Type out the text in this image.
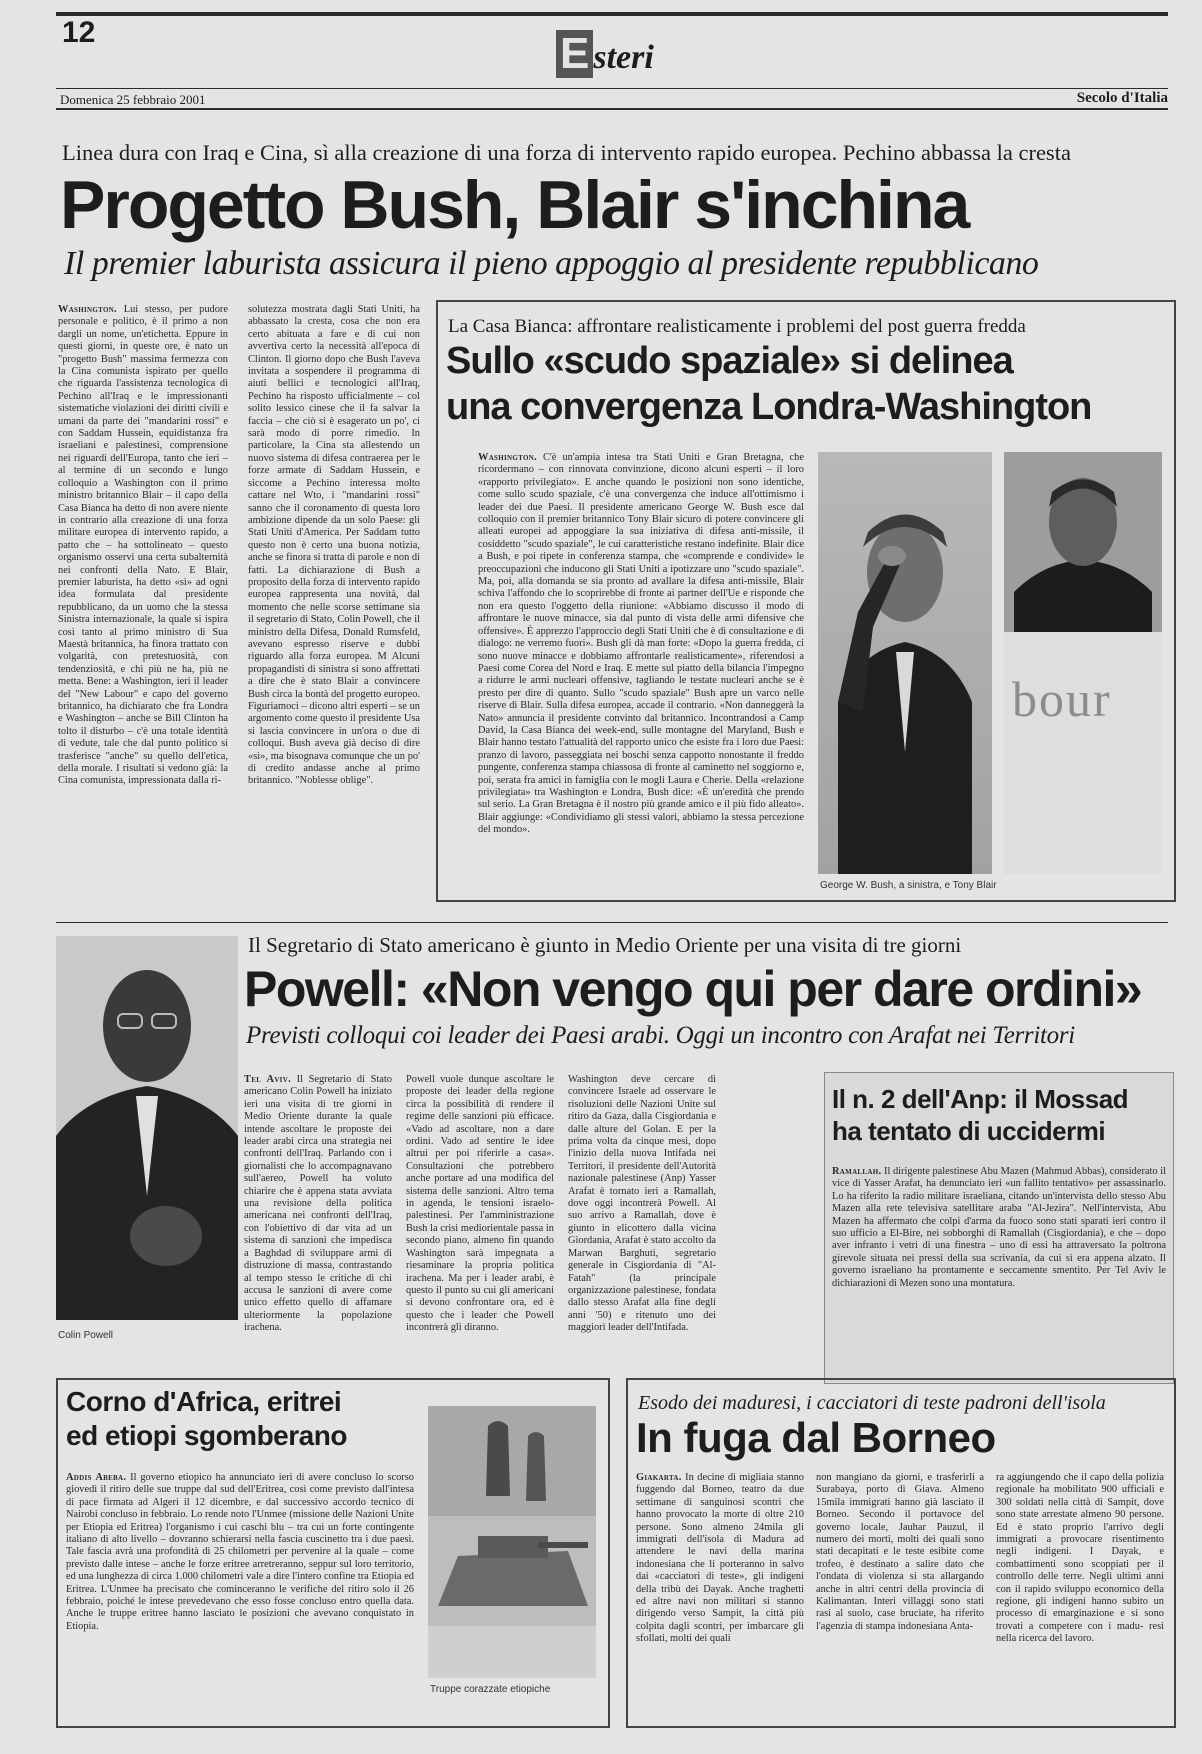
12	E steri
Domenica 25 febbraio 2001	Secolo d'Italia
Linea dura con Iraq e Cina, sì alla creazione di una forza di intervento rapido europea. Pechino abbassa la cresta
Progetto Bush, Blair s'inchina
Il premier laburista assicura il pieno appoggio al presidente repubblicano
Washington. Lui stesso, per pudore personale e politico, è il primo a non dargli un nome, un'etichetta. Eppure in questi giorni, in queste ore, è nato un "progetto Bush" massima fermezza con la Cina comunista ispirato per quello che riguarda l'assistenza tecnologica di Pechino all'Iraq e le impressionanti sistematiche violazioni dei diritti civili e umani da parte dei "mandarini rossi" e con Saddam Hussein, equidistanza fra israeliani e palestinesi, comprensione nei riguardi dell'Europa, tanto che ieri – al termine di un secondo e lungo colloquio a Washington con il primo ministro britannico Blair – il capo della Casa Bianca ha detto di non avere niente in contrario alla creazione di una forza militare europea di intervento rapido, a patto che – ha sottolineato – questo organismo osservi una certa subalternità nei confronti della Nato. E Blair, premier laburista, ha detto «sì» ad ogni idea formulata dal presidente repubblicano, da un uomo che la stessa Sinistra internazionale, la quale si ispira così tanto al primo ministro di Sua Maestà britannica, ha finora trattato con volgarità, con pretestuosità, con tendenziosità, e chi più ne ha, più ne metta. Bene: a Washington, ieri il leader del "New Labour" e capo del governo britannico, ha dichiarato che fra Londra e Washington – anche se Bill Clinton ha tolto il disturbo – c'è una totale identità di vedute, tale che dal punto politico si trasferisce "anche" su quello dell'etica, della morale. I risultati si vedono già: la Cina comunista, impressionata dalla ri-
solutezza mostrata dagli Stati Uniti, ha abbassato la cresta, cosa che non era certo abituata a fare e di cui non avvertiva certo la necessità all'epoca di Clinton. Il giorno dopo che Bush l'aveva invitata a sospendere il programma di aiuti bellici e tecnologici all'Iraq, Pechino ha risposto ufficialmente – col solito lessico cinese che il fa salvar la faccia – che ciò si è esagerato un po', ci sarà modo di porre rimedio. In particolare, la Cina sta allestendo un nuovo sistema di difesa contraerea per le forze armate di Saddam Hussein, e siccome a Pechino interessa molto cattare nel Wto, i "mandarini rossi" sanno che il coronamento di questa loro ambizione dipende da un solo Paese: gli Stati Uniti d'America. Per Saddam tutto questo non è certo una buona notizia, anche se finora si tratta di parole e non di fatti. La dichiarazione di Bush a proposito della forza di intervento rapido europea rappresenta una novità, dal momento che nelle scorse settimane sia il segretario di Stato, Colin Powell, che il ministro della Difesa, Donald Rumsfeld, avevano espresso riserve e dubbi riguardo alla forza europea. M Alcuni propagandisti di sinistra si sono affrettati a dire che è stato Blair a convincere Bush circa la bontà del progetto europeo. Figuriamoci – dicono altri esperti – se un argomento come questo il presidente Usa si lascia convincere in un'ora o due di colloqui. Bush aveva già deciso di dire «sì», ma bisognava comunque che un po' di credito andasse anche al primo britannico. "Noblesse oblige".
La Casa Bianca: affrontare realisticamente i problemi del post guerra fredda
Sullo «scudo spaziale» si delinea
una convergenza Londra-Washington
Washington. C'è un'ampia intesa tra Stati Uniti e Gran Bretagna, che ricordermano – con rinnovata convinzione, dicono alcuni esperti – il loro «rapporto privilegiato». E anche quando le posizioni non sono identiche, come sullo scudo spaziale, c'è una convergenza che induce all'ottimismo i leader dei due Paesi. Il presidente americano George W. Bush esce dal colloquio con il premier britannico Tony Blair sicuro di potere convincere gli alleati europei ad appoggiare la sua iniziativa di difesa anti-missile, il cosiddetto "scudo spaziale", le cui caratteristiche restano indefinite. Blair dice a Bush, e poi ripete in conferenza stampa, che «comprende e condivide» le preoccupazioni che inducono gli Stati Uniti a ipotizzare uno "scudo spaziale". Ma, poi, alla domanda se sia pronto ad avallare la difesa anti-missile, Blair schiva l'affondo che lo scoprirebbe di fronte ai partner dell'Ue e risponde che non era questo l'oggetto della riunione: «Abbiamo discusso il modo di affrontare le nuove minacce, sia dal punto di vista delle armi difensive che offensive». È apprezzo l'approccio degli Stati Uniti che è di consultazione e di dialogo: ne verremo fuori». Bush gli dà man forte: «Dopo la guerra fredda, ci sono nuove minacce e dobbiamo affrontarle realisticamente», riferendosi a Paesi come Corea del Nord e Iraq. E mette sul piatto della bilancia l'impegno a ridurre le armi nucleari offensive, tagliando le testate nucleari anche se è presto per dire di quanto. Sullo "scudo spaziale" Bush apre un varco nelle riserve di Blair. Sulla difesa europea, accade il contrario. «Non danneggerà la Nato» annuncia il presidente convinto dal britannico. Incontrandosi a Camp David, la Casa Bianca dei week-end, sulle montagne del Maryland, Bush e Blair hanno testato l'attualità del rapporto unico che esiste fra i loro due Paesi: pranzo di lavoro, passeggiata nei boschi senza cappotto nonostante il freddo pungente, conferenza stampa chiassosa di fronte al caminetto nel soggiorno e, poi, serata fra amici in famiglia con le mogli Laura e Cherie. Della «relazione privilegiata» tra Washington e Londra, Bush dice: «È un'eredità che prendo sul serio. La Gran Bretagna è il nostro più grande amico e il più fido alleato». Blair aggiunge: «Condividiamo gli stessi valori, abbiamo la stessa percezione del mondo».
bour
George W. Bush, a sinistra, e Tony Blair
Colin Powell
Il Segretario di Stato americano è giunto in Medio Oriente per una visita di tre giorni
Powell: «Non vengo qui per dare ordini»
Previsti colloqui coi leader dei Paesi arabi. Oggi un incontro con Arafat nei Territori
Tel Aviv. Il Segretario di Stato americano Colin Powell ha iniziato ieri una visita di tre giorni in Medio Oriente durante la quale intende ascoltare le proposte dei leader arabi circa una strategia nei confronti dell'Iraq. Parlando con i giornalisti che lo accompagnavano sull'aereo, Powell ha voluto chiarire che è appena stata avviata una revisione della politica americana nei confronti dell'Iraq, con l'obiettivo di dar vita ad un sistema di sanzioni che impedisca a Baghdad di sviluppare armi di distruzione di massa, contrastando al tempo stesso le critiche di chi accusa le sanzioni di avere come unico effetto quello di affamare ulteriormente la popolazione irachena.
Powell vuole dunque ascoltare le proposte dei leader della regione circa la possibilità di rendere il regime delle sanzioni più efficace. «Vado ad ascoltare, non a dare ordini. Vado ad sentire le idee altrui per poi riferirle a casa». Consultazioni che potrebbero anche portare ad una modifica del sistema delle sanzioni. Altro tema in agenda, le tensioni israelo-palestinesi. Per l'amministrazione Bush la crisi mediorientale passa in secondo piano, almeno fin quando Washington sarà impegnata a riesaminare la propria politica irachena. Ma per i leader arabi, è questo il punto su cui gli americani si devono confrontare ora, ed è questo che i leader che Powell incontrerà gli diranno.
Washington deve cercare di convincere Israele ad osservare le risoluzioni delle Nazioni Unite sul ritiro da Gaza, dalla Cisgiordania e dalle alture del Golan. E per la prima volta da cinque mesi, dopo l'inizio della nuova Intifada nei Territori, il presidente dell'Autorità nazionale palestinese (Anp) Yasser Arafat è tornato ieri a Ramallah, dove oggi incontrerà Powell. Al suo arrivo a Ramallah, dove è giunto in elicottero dalla vicina Giordania, Arafat è stato accolto da Marwan Barghuti, segretario generale in Cisgiordania di "Al-Fatah" (la principale organizzazione palestinese, fondata dallo stesso Arafat alla fine degli anni '50) e ritenuto uno dei maggiori leader dell'Intifada.
Il n. 2 dell'Anp: il Mossad
ha tentato di uccidermi
Ramallah. Il dirigente palestinese Abu Mazen (Mahmud Abbas), considerato il vice di Yasser Arafat, ha denunciato ieri «un fallito tentativo» per assassinarlo. Lo ha riferito la radio militare israeliana, citando un'intervista dello stesso Abu Mazen alla rete televisiva satellitare araba "Al-Jezira". Nell'intervista, Abu Mazen ha affermato che colpi d'arma da fuoco sono stati sparati ieri contro il suo ufficio a El-Bire, nei sobborghi di Ramallah (Cisgiordania), e che – dopo aver infranto i vetri di una finestra – uno di essi ha attraversato la poltrona girevole situata nei pressi della sua scrivania, da cui si era appena alzato. Il governo israeliano ha prontamente e seccamente smentito. Per Tel Aviv le dichiarazioni di Mezen sono una montatura.
Corno d'Africa, eritrei
ed etiopi sgomberano
Addis Abeba. Il governo etiopico ha annunciato ieri di avere concluso lo scorso giovedì il ritiro delle sue truppe dal sud dell'Eritrea, così come previsto dall'intesa di pace firmata ad Algeri il 12 dicembre, e dal successivo accordo tecnico di Nairobi concluso in febbraio. Lo rende noto l'Unmee (missione delle Nazioni Unite per Etiopia ed Eritrea) l'organismo i cui caschi blu – tra cui un forte contingente italiano di alto livello – dovranno schierarsi nella fascia cuscinetto tra i due paesi. Tale fascia avrà una profondità di 25 chilometri per pervenire al la quale – come previsto dalle intese – anche le forze eritree arretreranno, seppur sul loro territorio, ed una lunghezza di circa 1.000 chilometri vale a dire l'intero confine tra Etiopia ed Eritrea. L'Unmee ha precisato che cominceranno le verifiche del ritiro solo il 26 febbraio, poiché le intese prevedevano che esso fosse concluso entro quella data. Anche le truppe eritree hanno lasciato le posizioni che avevano conquistato in Etiopia.
Truppe corazzate etiopiche
Esodo dei maduresi, i cacciatori di teste padroni dell'isola
In fuga dal Borneo
Giakarta. In decine di migliaia stanno fuggendo dal Borneo, teatro da due settimane di sanguinosi scontri che hanno provocato la morte di oltre 210 persone. Sono almeno 24mila gli immigrati dell'isola di Madura ad attendere le navi della marina indonesiana che li porteranno in salvo dai «cacciatori di teste», gli indigeni della tribù dei Dayak. Anche traghetti ed altre navi non militari si stanno dirigendo verso Sampit, la città più colpita dagli scontri, per imbarcare gli sfollati, molti dei quali
non mangiano da giorni, e trasferirli a Surabaya, porto di Giava. Almeno 15mila immigrati hanno già lasciato il Borneo. Secondo il portavoce del governo locale, Jauhar Pauzul, il numero dei morti, molti dei quali sono stati decapitati e le teste esibite come trofeo, è destinato a salire dato che l'ondata di violenza si sta allargando anche in altri centri della provincia di Kalimantan. Interi villaggi sono stati rasi al suolo, case bruciate, ha riferito l'agenzia di stampa indonesiana Anta-
ra aggiungendo che il capo della polizia regionale ha mobilitato 900 ufficiali e 300 soldati nella città di Sampit, dove sono state arrestate almeno 90 persone. Ed è stato proprio l'arrivo degli immigrati a provocare risentimento negli indigeni. I Dayak, e combattimenti sono scoppiati per il controllo delle terre. Negli ultimi anni con il rapido sviluppo economico della regione, gli indigeni hanno subito un processo di emarginazione e si sono trovati a competere con i madu- resi nella ricerca del lavoro.
